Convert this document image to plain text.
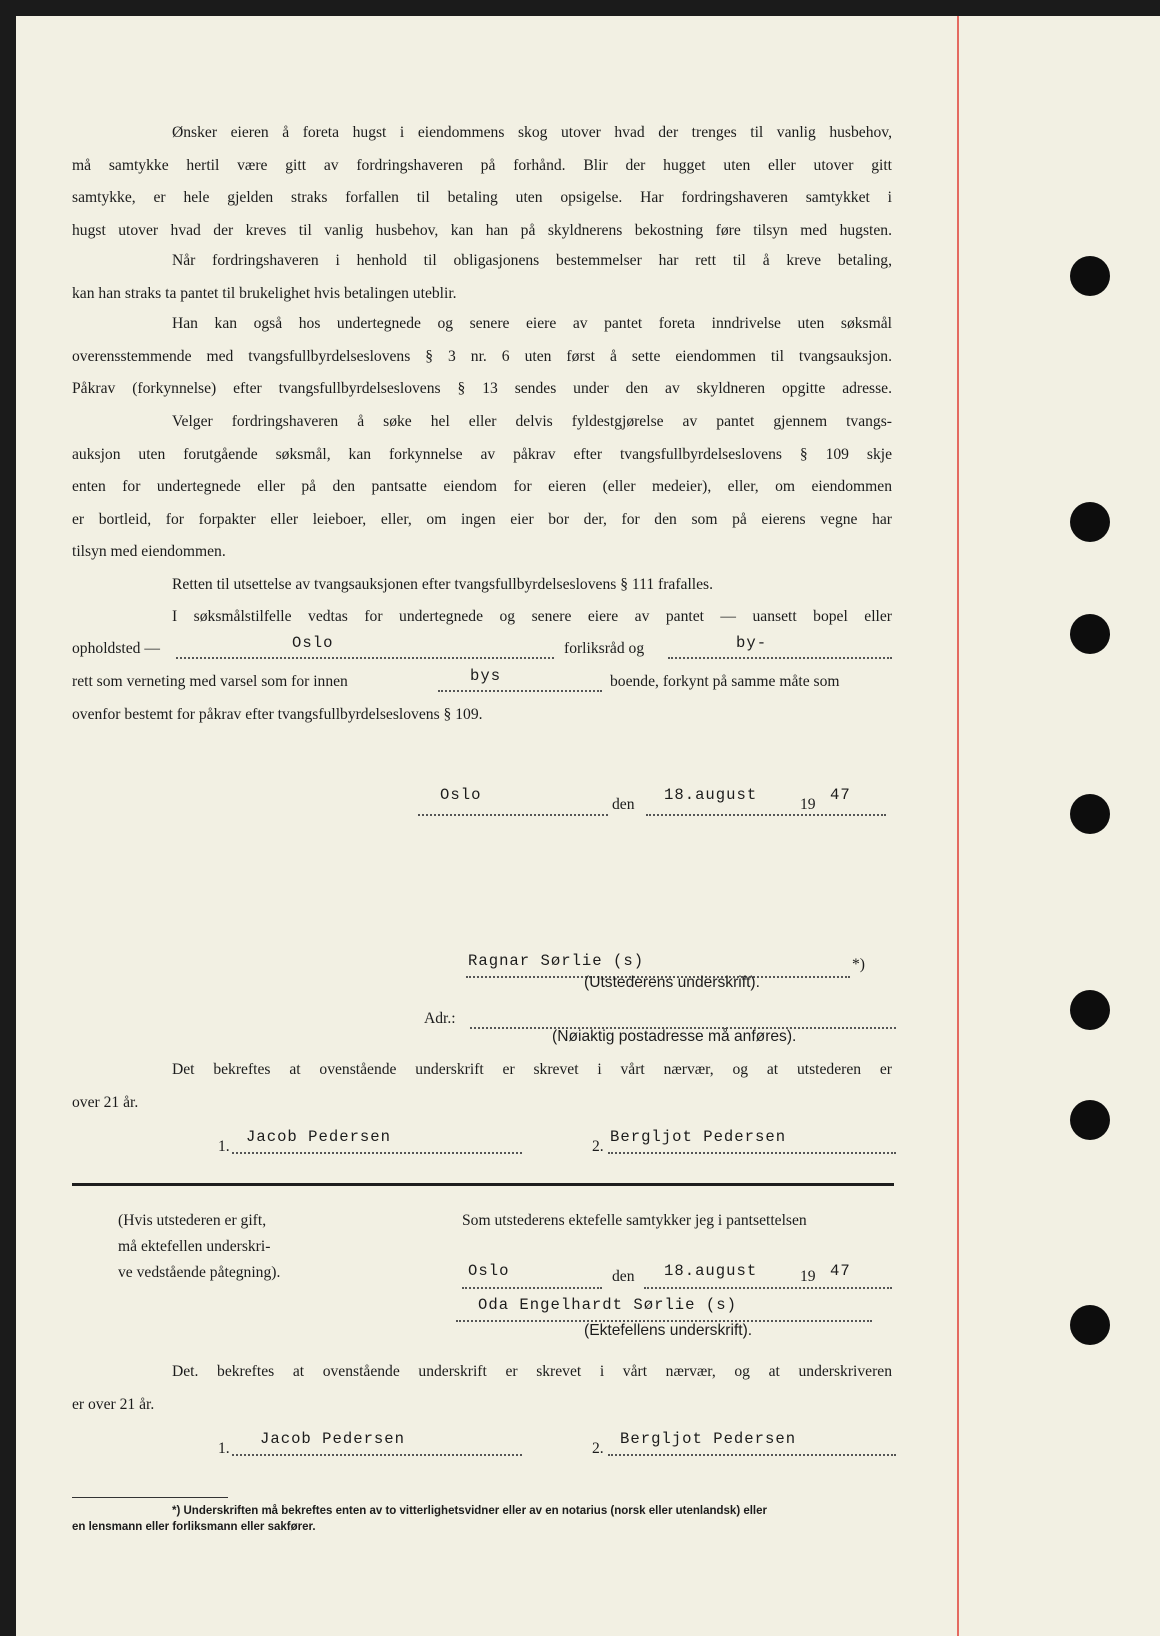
Ønsker eieren å foreta hugst i eiendommens skog utover hvad der trenges til vanlig husbehov,
må samtykke hertil være gitt av fordringshaveren på forhånd. Blir der hugget uten eller utover gitt
samtykke, er hele gjelden straks forfallen til betaling uten opsigelse. Har fordringshaveren samtykket i
hugst utover hvad der kreves til vanlig husbehov, kan han på skyldnerens bekostning føre tilsyn med hugsten.
Når fordringshaveren i henhold til obligasjonens bestemmelser har rett til å kreve betaling,
kan han straks ta pantet til brukelighet hvis betalingen uteblir.
Han kan også hos undertegnede og senere eiere av pantet foreta inndrivelse uten søksmål
overensstemmende med tvangsfullbyrdelseslovens § 3 nr. 6 uten først å sette eiendommen til tvangsauksjon.
Påkrav (forkynnelse) efter tvangsfullbyrdelseslovens § 13 sendes under den av skyldneren opgitte adresse.
Velger fordringshaveren å søke hel eller delvis fyldestgjørelse av pantet gjennem tvangs-
auksjon uten forutgående søksmål, kan forkynnelse av påkrav efter tvangsfullbyrdelseslovens § 109 skje
enten for undertegnede eller på den pantsatte eiendom for eieren (eller medeier), eller, om eiendommen
er bortleid, for forpakter eller leieboer, eller, om ingen eier bor der, for den som på eierens vegne har
tilsyn med eiendommen.
Retten til utsettelse av tvangsauksjonen efter tvangsfullbyrdelseslovens § 111 frafalles.
I søksmålstilfelle vedtas for undertegnede og senere eiere av pantet — uansett bopel eller
opholdsted —	Oslo	forliksråd og	by-
rett som verneting med varsel som for innen	bys	boende, forkynt på samme måte som
ovenfor bestemt for påkrav efter tvangsfullbyrdelseslovens § 109.
Oslo
den
18.august
19
47
Ragnar Sørlie (s)	*)
(Utstederens underskrift).
Adr.:
(Nøiaktig postadresse må anføres).
Det bekreftes at ovenstående underskrift er skrevet i vårt nærvær, og at utstederen er
over 21 år.
1.
Jacob Pedersen
2.
Bergljot Pedersen
(Hvis utstederen er gift,
må ektefellen underskri-
ve vedstående påtegning).
Som utstederens ektefelle samtykker jeg i pantsettelsen
Oslo	den 18.august	19 47
Oda Engelhardt Sørlie (s)
(Ektefellens underskrift).
Det. bekreftes at ovenstående underskrift er skrevet i vårt nærvær, og at underskriveren
er over 21 år.
1.
Jacob Pedersen
2.
Bergljot Pedersen
*) Underskriften må bekreftes enten av to vitterlighetsvidner eller av en notarius (norsk eller utenlandsk) eller
en lensmann eller forliksmann eller sakfører.
